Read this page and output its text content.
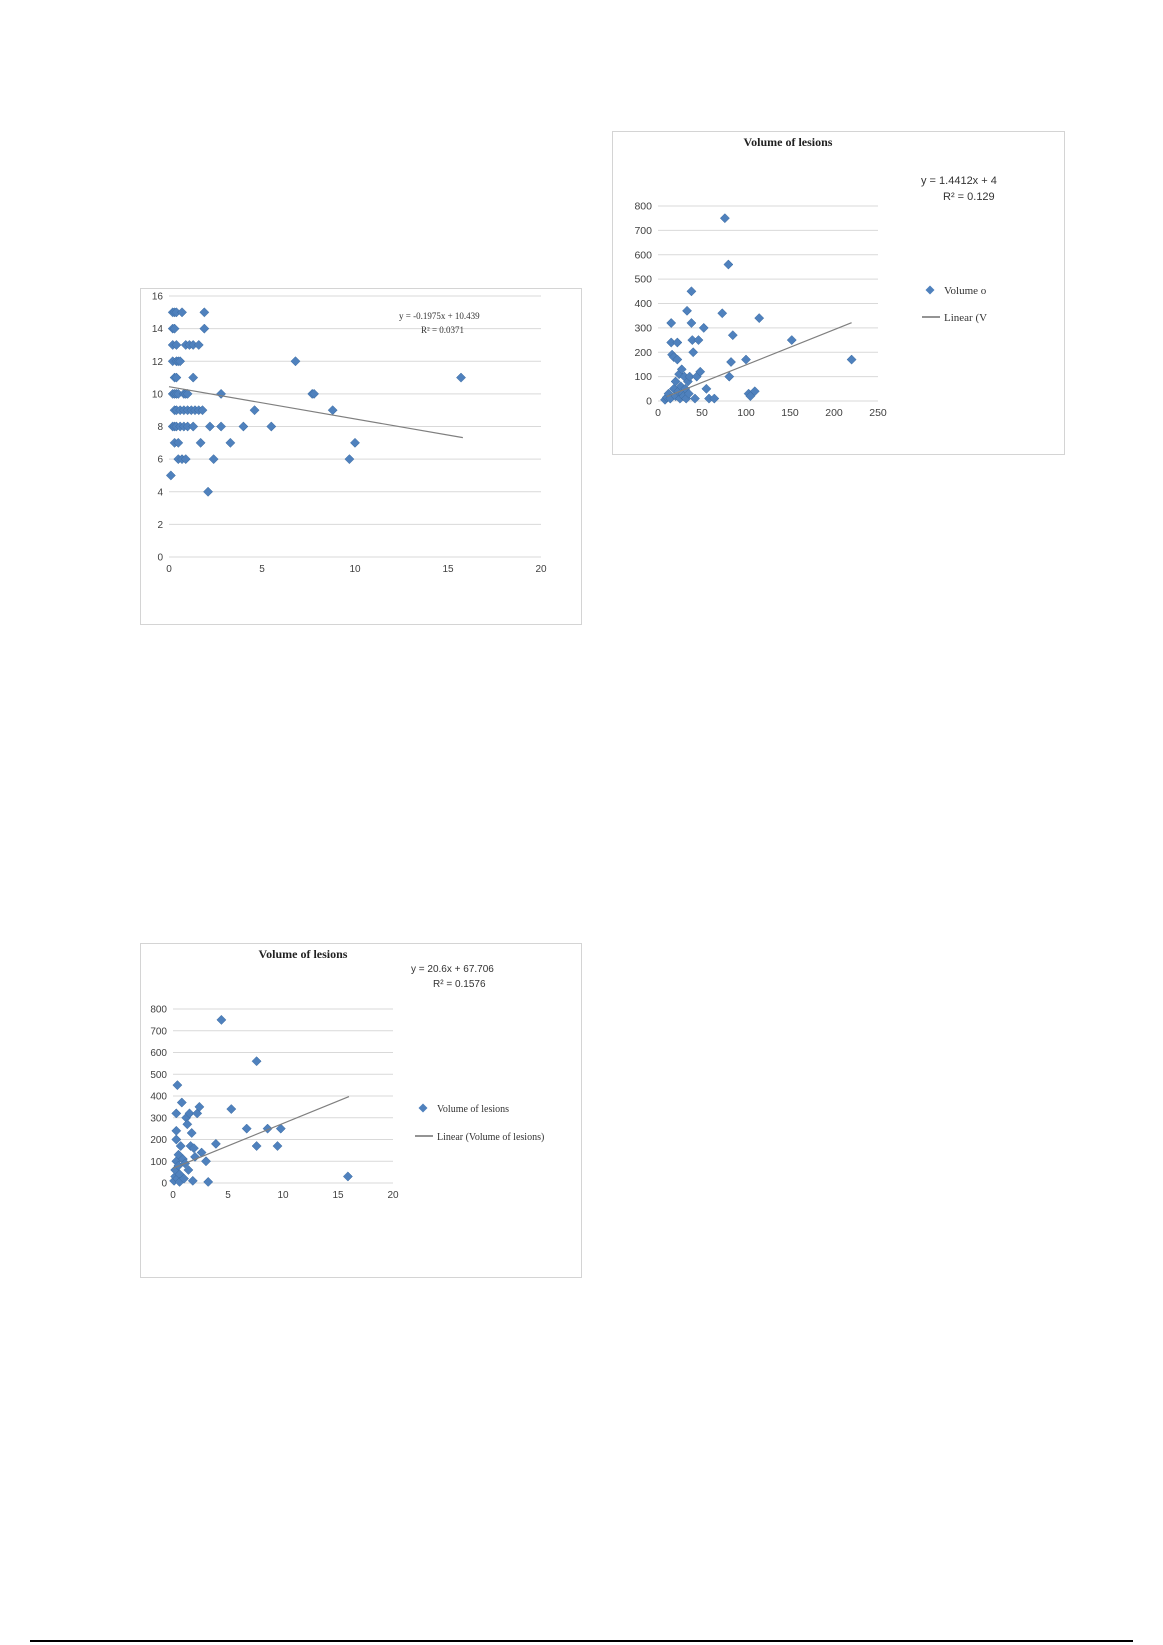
0
2
4
6
8
10
12
14
16
0	5	10	15	20
y = -0.1975x + 10.439
R² = 0.0371
Volume of lesions
0
100
200
300
400
500
600
700
800
0	50	100	150	200	250
y = 1.4412x + 4
R² = 0.129
Volume o
Linear (V
Volume of lesions
0
100
200
300
400
500
600
700
800
0	5	10	15	20
y = 20.6x + 67.706
R² = 0.1576
Volume of lesions
Linear (Volume of lesions)
